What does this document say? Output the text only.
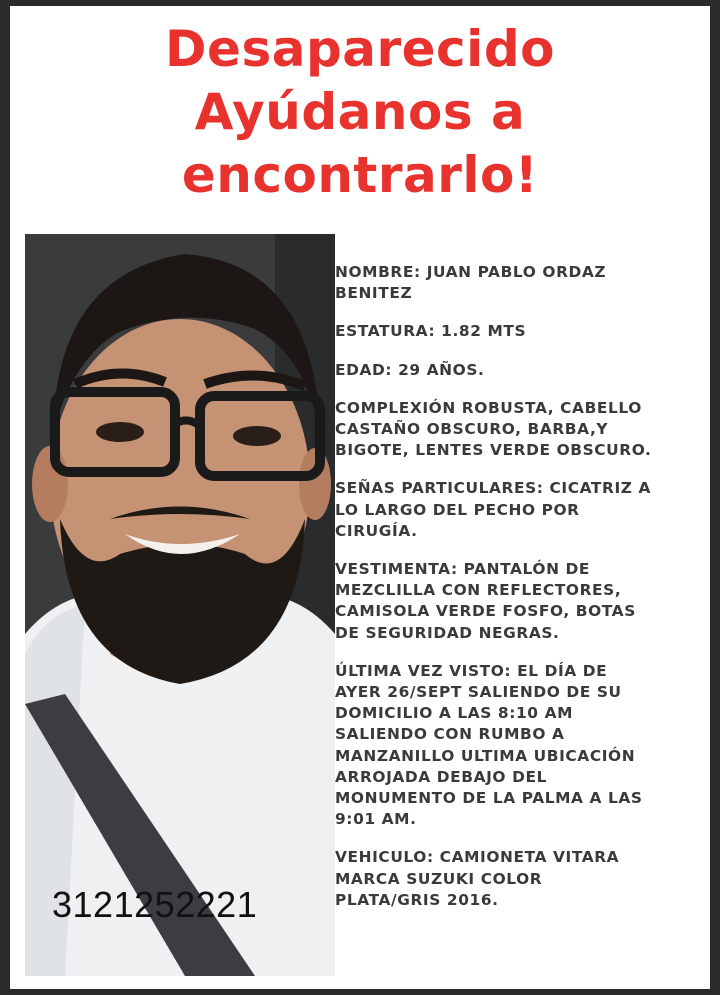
Desaparecido
Ayúdanos a
encontrarlo!
3121252221

NOMBRE: JUAN PABLO ORDAZ
BENITEZ

ESTATURA: 1.82 MTS

EDAD: 29 AÑOS.

COMPLEXIÓN ROBUSTA, CABELLO
CASTAÑO OBSCURO, BARBA,Y
BIGOTE, LENTES VERDE OBSCURO.

SEÑAS PARTICULARES: CICATRIZ A
LO LARGO DEL PECHO POR
CIRUGÍA.

VESTIMENTA: PANTALÓN DE
MEZCLILLA CON REFLECTORES,
CAMISOLA VERDE FOSFO, BOTAS
DE SEGURIDAD NEGRAS.

ÚLTIMA VEZ VISTO: EL DÍA DE
AYER 26/SEPT SALIENDO DE SU
DOMICILIO A LAS 8:10 AM
SALIENDO CON RUMBO A
MANZANILLO ULTIMA UBICACIÓN
ARROJADA DEBAJO DEL
MONUMENTO DE LA PALMA A LAS
9:01 AM.

VEHICULO: CAMIONETA VITARA
MARCA SUZUKI COLOR
PLATA/GRIS 2016.
